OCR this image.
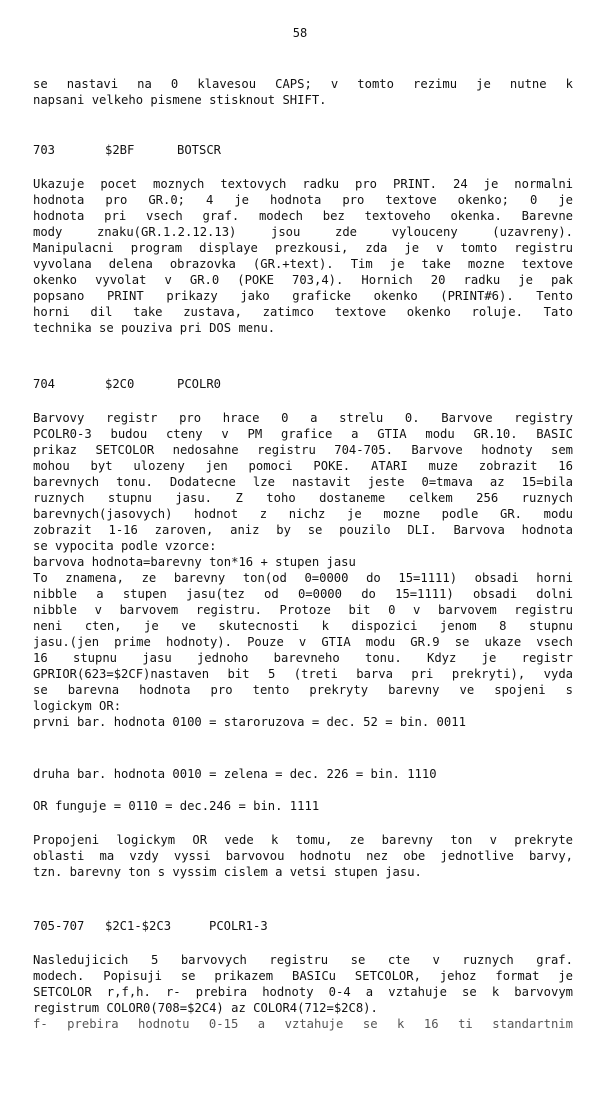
58
se nastavi na 0 klavesou CAPS; v tomto rezimu je nutne k
napsani velkeho pismene stisknout SHIFT.
703	$2BF	BOTSCR
Ukazuje pocet moznych textovych radku pro PRINT. 24 je normalni
hodnota pro GR.0; 4 je hodnota pro textove okenko; 0 je
hodnota pri vsech graf. modech bez textoveho okenka. Barevne
mody znaku(GR.1.2.12.13) jsou zde vylouceny (uzavreny).
Manipulacni program displaye prezkousi, zda je v tomto registru
vyvolana delena obrazovka (GR.+text). Tim je take mozne textove
okenko vyvolat v GR.0 (POKE 703,4). Hornich 20 radku je pak
popsano PRINT prikazy jako graficke okenko (PRINT#6). Tento
horni dil take zustava, zatimco textove okenko roluje. Tato
technika se pouziva pri DOS menu.
704	$2C0	PCOLR0
Barvovy registr pro hrace 0 a strelu 0. Barvove registry
PCOLR0-3 budou cteny v PM grafice a GTIA modu GR.10. BASIC
prikaz SETCOLOR nedosahne registru 704-705. Barvove hodnoty sem
mohou byt ulozeny jen pomoci POKE. ATARI muze zobrazit 16
barevnych tonu. Dodatecne lze nastavit jeste 0=tmava az 15=bila
ruznych stupnu jasu. Z toho dostaneme celkem 256 ruznych
barevnych(jasovych) hodnot z nichz je mozne podle GR. modu
zobrazit 1-16 zaroven, aniz by se pouzilo DLI. Barvova hodnota
se vypocita podle vzorce:
barvova hodnota=barevny ton*16 + stupen jasu
To znamena, ze barevny ton(od 0=0000 do 15=1111) obsadi horni
nibble a stupen jasu(tez od 0=0000 do 15=1111) obsadi dolni
nibble v barvovem registru. Protoze bit 0 v barvovem registru
neni cten, je ve skutecnosti k dispozici jenom 8 stupnu
jasu.(jen prime hodnoty). Pouze v GTIA modu GR.9 se ukaze vsech
16 stupnu jasu jednoho barevneho tonu. Kdyz je registr
GPRIOR(623=$2CF)nastaven bit 5 (treti barva pri prekryti), vyda
se barevna hodnota pro tento prekryty barevny ve spojeni s
logickym OR:
prvni bar. hodnota 0100 = staroruzova = dec. 52 = bin. 0011
druha bar. hodnota 0010 = zelena = dec. 226 = bin. 1110
OR funguje = 0110 = dec.246 = bin. 1111
Propojeni logickym OR vede k tomu, ze barevny ton v prekryte
oblasti ma vzdy vyssi barvovou hodnotu nez obe jednotlive barvy,
tzn. barevny ton s vyssim cislem a vetsi stupen jasu.
705-707	$2C1-$2C3	PCOLR1-3
Nasledujicich 5 barvovych registru se cte v ruznych graf.
modech. Popisuji se prikazem BASICu SETCOLOR, jehoz format je
SETCOLOR r,f,h. r- prebira hodnoty 0-4 a vztahuje se k barvovym
registrum COLOR0(708=$2C4) az COLOR4(712=$2C8).
f- prebira hodnotu 0-15 a vztahuje se k 16 ti standartnim
